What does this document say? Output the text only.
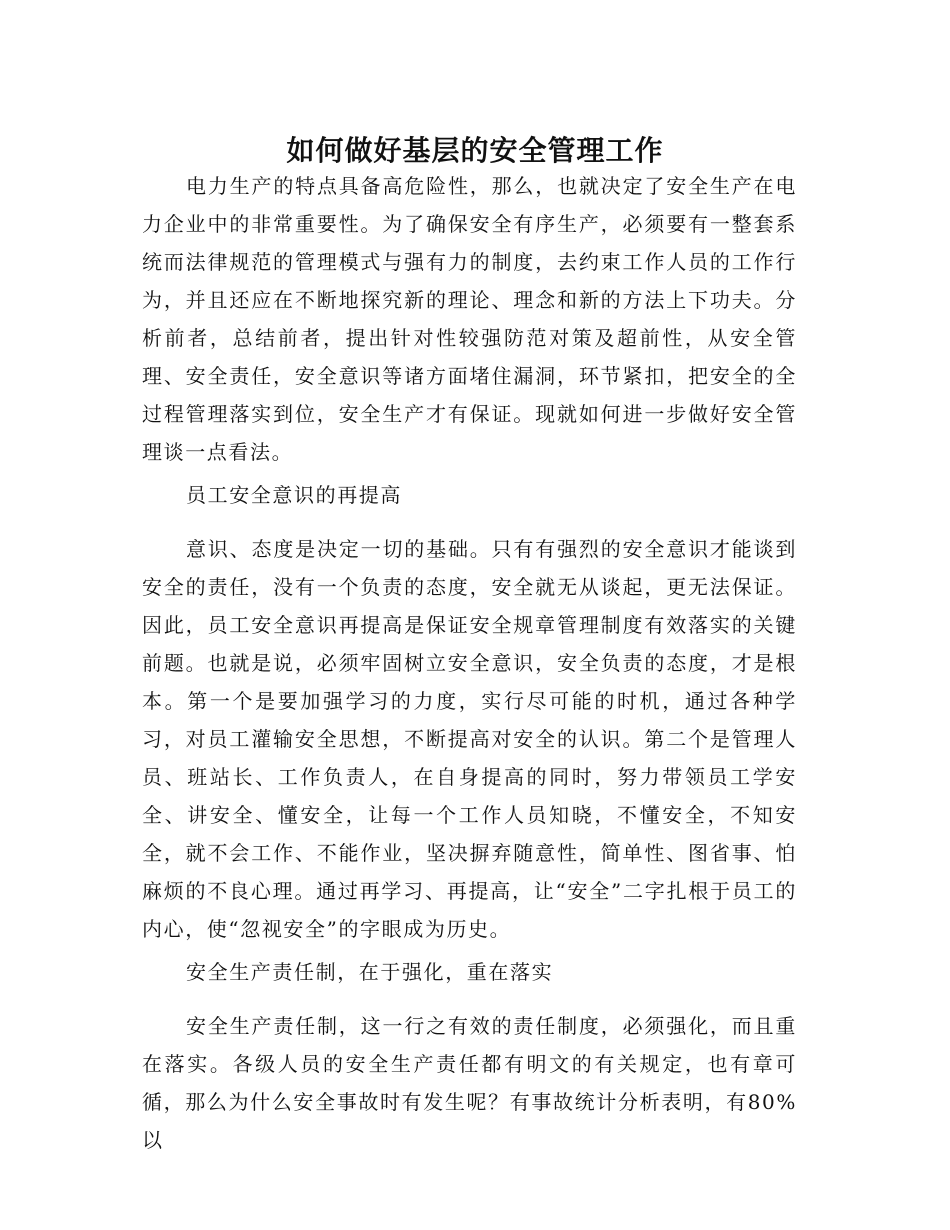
如何做好基层的安全管理工作

电力生产的特点具备高危险性，那么，也就决定了安全生产在电力企业中的非常重要性。为了确保安全有序生产，必须要有一整套系统而法律规范的管理模式与强有力的制度，去约束工作人员的工作行为，并且还应在不断地探究新的理论、理念和新的方法上下功夫。分析前者，总结前者，提出针对性较强防范对策及超前性，从安全管理、安全责任，安全意识等诸方面堵住漏洞，环节紧扣，把安全的全过程管理落实到位，安全生产才有保证。现就如何进一步做好安全管理谈一点看法。

员工安全意识的再提高

意识、态度是决定一切的基础。只有有强烈的安全意识才能谈到安全的责任，没有一个负责的态度，安全就无从谈起，更无法保证。因此，员工安全意识再提高是保证安全规章管理制度有效落实的关键前题。也就是说，必须牢固树立安全意识，安全负责的态度，才是根本。第一个是要加强学习的力度，实行尽可能的时机，通过各种学习，对员工灌输安全思想，不断提高对安全的认识。第二个是管理人员、班站长、工作负责人，在自身提高的同时，努力带领员工学安全、讲安全、懂安全，让每一个工作人员知晓，不懂安全，不知安全，就不会工作、不能作业，坚决摒弃随意性，简单性、图省事、怕麻烦的不良心理。通过再学习、再提高，让“安全”二字扎根于员工的内心，使“忽视安全”的字眼成为历史。

安全生产责任制，在于强化，重在落实

安全生产责任制，这一行之有效的责任制度，必须强化，而且重在落实。各级人员的安全生产责任都有明文的有关规定，也有章可循，那么为什么安全事故时有发生呢？有事故统计分析表明，有80%以
